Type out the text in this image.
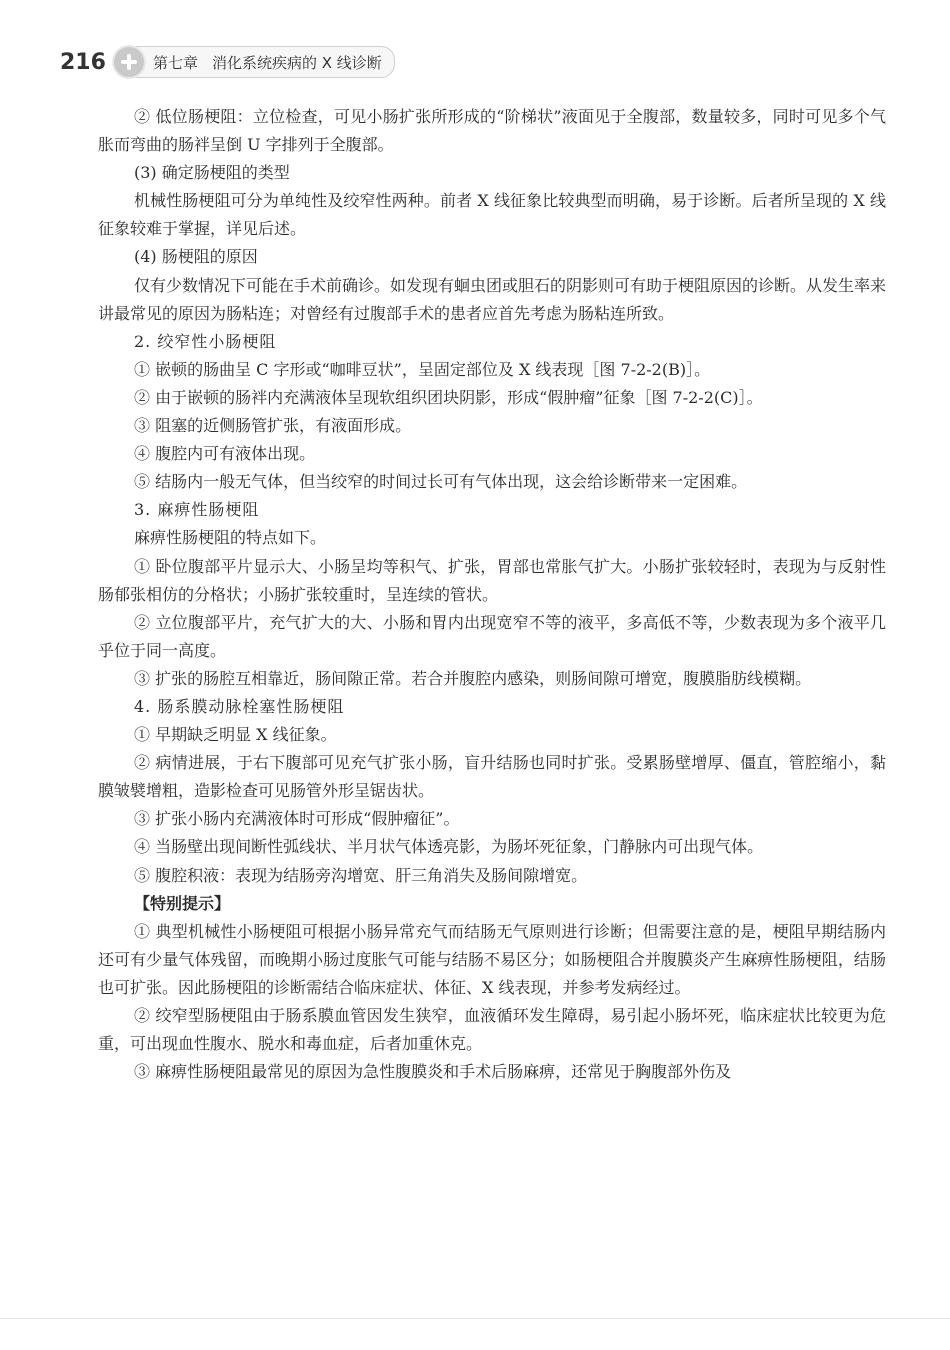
216	第七章 消化系统疾病的 X 线诊断

② 低位肠梗阻：立位检查，可见小肠扩张所形成的“阶梯状”液面见于全腹部，数量较多，同时可见多个气胀而弯曲的肠袢呈倒 U 字排列于全腹部。

(3) 确定肠梗阻的类型

机械性肠梗阻可分为单纯性及绞窄性两种。前者 X 线征象比较典型而明确，易于诊断。后者所呈现的 X 线征象较难于掌握，详见后述。

(4) 肠梗阻的原因

仅有少数情况下可能在手术前确诊。如发现有蛔虫团或胆石的阴影则可有助于梗阻原因的诊断。从发生率来讲最常见的原因为肠粘连；对曾经有过腹部手术的患者应首先考虑为肠粘连所致。

2. 绞窄性小肠梗阻

① 嵌顿的肠曲呈 C 字形或“咖啡豆状”，呈固定部位及 X 线表现［图 7-2-2(B)］。

② 由于嵌顿的肠袢内充满液体呈现软组织团块阴影，形成“假肿瘤”征象［图 7-2-2(C)］。

③ 阻塞的近侧肠管扩张，有液面形成。

④ 腹腔内可有液体出现。

⑤ 结肠内一般无气体，但当绞窄的时间过长可有气体出现，这会给诊断带来一定困难。

3. 麻痹性肠梗阻

麻痹性肠梗阻的特点如下。

① 卧位腹部平片显示大、小肠呈均等积气、扩张，胃部也常胀气扩大。小肠扩张较轻时，表现为与反射性肠郁张相仿的分格状；小肠扩张较重时，呈连续的管状。

② 立位腹部平片，充气扩大的大、小肠和胃内出现宽窄不等的液平，多高低不等，少数表现为多个液平几乎位于同一高度。

③ 扩张的肠腔互相靠近，肠间隙正常。若合并腹腔内感染，则肠间隙可增宽，腹膜脂肪线模糊。

4. 肠系膜动脉栓塞性肠梗阻

① 早期缺乏明显 X 线征象。

② 病情进展，于右下腹部可见充气扩张小肠，盲升结肠也同时扩张。受累肠壁增厚、僵直，管腔缩小，黏膜皱襞增粗，造影检查可见肠管外形呈锯齿状。

③ 扩张小肠内充满液体时可形成“假肿瘤征”。

④ 当肠壁出现间断性弧线状、半月状气体透亮影，为肠坏死征象，门静脉内可出现气体。

⑤ 腹腔积液：表现为结肠旁沟增宽、肝三角消失及肠间隙增宽。

【特别提示】

① 典型机械性小肠梗阻可根据小肠异常充气而结肠无气原则进行诊断；但需要注意的是，梗阻早期结肠内还可有少量气体残留，而晚期小肠过度胀气可能与结肠不易区分；如肠梗阻合并腹膜炎产生麻痹性肠梗阻，结肠也可扩张。因此肠梗阻的诊断需结合临床症状、体征、X 线表现，并参考发病经过。

② 绞窄型肠梗阻由于肠系膜血管因发生狭窄，血液循环发生障碍，易引起小肠坏死，临床症状比较更为危重，可出现血性腹水、脱水和毒血症，后者加重休克。

③ 麻痹性肠梗阻最常见的原因为急性腹膜炎和手术后肠麻痹，还常见于胸腹部外伤及
